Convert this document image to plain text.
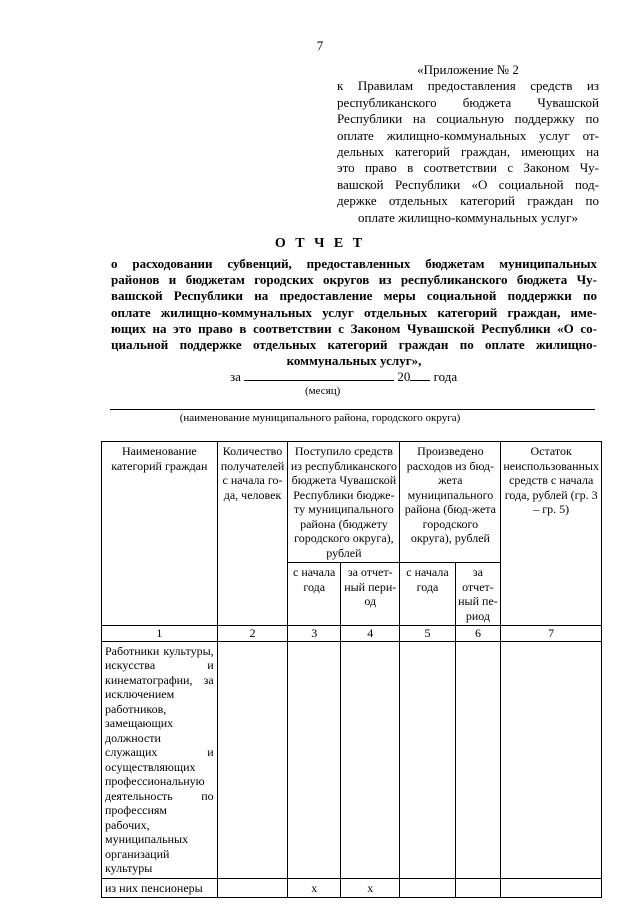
7
«Приложение № 2
к Правилам предоставления средств из
республиканского бюджета Чувашской
Республики на социальную поддержку по
оплате жилищно-коммунальных услуг от-
дельных категорий граждан, имеющих на
это право в соответствии с Законом Чу-
вашской Республики «О социальной под-
держке отдельных категорий граждан по
оплате жилищно-коммунальных услуг»
О Т Ч Е Т
о расходовании субвенций, предоставленных бюджетам муниципальных
районов и бюджетам городских округов из республиканского бюджета Чу-
вашской Республики на предоставление меры социальной поддержки по
оплате жилищно-коммунальных услуг отдельных категорий граждан, име-
ющих на это право в соответствии с Законом Чувашской Республики «О со-
циальной поддержке отдельных категорий граждан по оплате жилищно-
коммунальных услуг»,
за	20 года
(месяц)
(наименование муниципального района, городского округа)
Наименование категорий граждан	Количество получателей с начала го-да, человек	Поступило средств из республиканского бюджета Чувашской Республики бюдже-ту муниципального района (бюджету городского округа), рублей		Произведено расходов из бюд-жета муниципального района (бюд-жета городского округа), рублей		Остаток неиспользованных средств с начала года, рублей (гр. 3 – гр. 5)
		с начала года	за отчет-ный пери-од	с начала года	за отчет-ный пе-риод	
1	2	3	4	5	6	7
Работники культуры, искусства и кинематографии, за исключением работников, замещающих должности служащих и осуществляющих профессиональную деятельность по профессиям рабочих, муниципальных организаций культуры						
из них пенсионеры		х	х			
